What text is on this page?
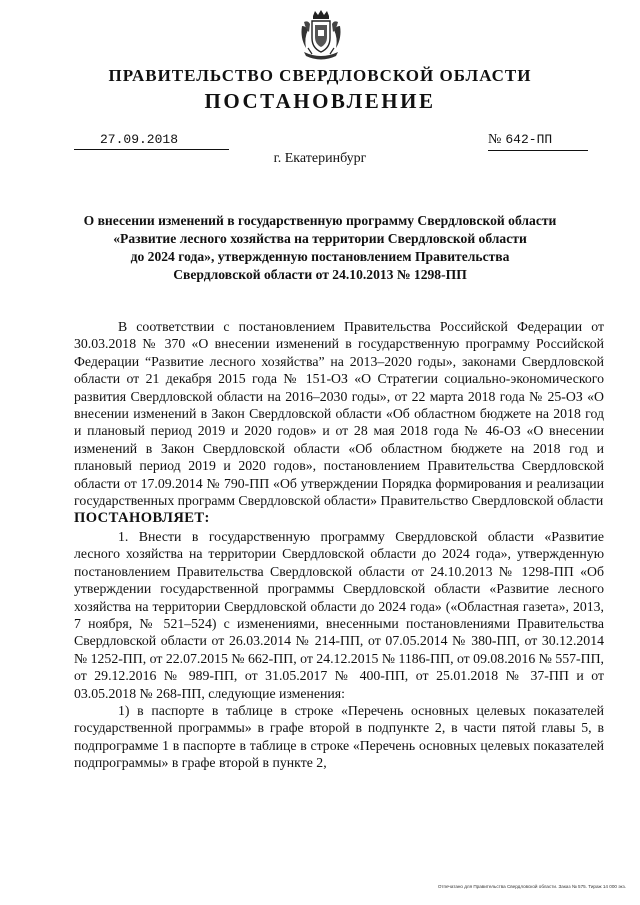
ПРАВИТЕЛЬСТВО СВЕРДЛОВСКОЙ ОБЛАСТИ
ПОСТАНОВЛЕНИЕ
27.09.2018	№ 642-ПП
г. Екатеринбург
О внесении изменений в государственную программу Свердловской области
«Развитие лесного хозяйства на территории Свердловской области
до 2024 года», утвержденную постановлением Правительства
Свердловской области от 24.10.2013 № 1298-ПП

В соответствии с постановлением Правительства Российской Федерации от 30.03.2018 № 370 «О внесении изменений в государственную программу Российской Федерации “Развитие лесного хозяйства” на 2013–2020 годы», законами Свердловской области от 21 декабря 2015 года № 151-ОЗ «О Стратегии социально-экономического развития Свердловской области на 2016–2030 годы», от 22 марта 2018 года № 25-ОЗ «О внесении изменений в Закон Свердловской области «Об областном бюджете на 2018 год и плановый период 2019 и 2020 годов» и от 28 мая 2018 года № 46-ОЗ «О внесении изменений в Закон Свердловской области «Об областном бюджете на 2018 год и плановый период 2019 и 2020 годов», постановлением Правительства Свердловской области от 17.09.2014 № 790-ПП «Об утверждении Порядка формирования и реализации государственных программ Свердловской области» Правительство Свердловской области

ПОСТАНОВЛЯЕТ:

1. Внести в государственную программу Свердловской области «Развитие лесного хозяйства на территории Свердловской области до 2024 года», утвержденную постановлением Правительства Свердловской области от 24.10.2013 № 1298-ПП «Об утверждении государственной программы Свердловской области «Развитие лесного хозяйства на территории Свердловской области до 2024 года» («Областная газета», 2013, 7 ноября, № 521–524) с изменениями, внесенными постановлениями Правительства Свердловской области от 26.03.2014 № 214-ПП, от 07.05.2014 № 380-ПП, от 30.12.2014 № 1252-ПП, от 22.07.2015 № 662-ПП, от 24.12.2015 № 1186-ПП, от 09.08.2016 № 557-ПП, от 29.12.2016 № 989-ПП, от 31.05.2017 № 400-ПП, от 25.01.2018 № 37-ПП и от 03.05.2018 № 268-ПП, следующие изменения:

1) в паспорте в таблице в строке «Перечень основных целевых показателей государственной программы» в графе второй в подпункте 2, в части пятой главы 5, в подпрограмме 1 в паспорте в таблице в строке «Перечень основных целевых показателей подпрограммы» в графе второй в пункте 2,

Отпечатано для Правительства Свердловской области. Заказ № 575. Тираж 14 000 экз.
